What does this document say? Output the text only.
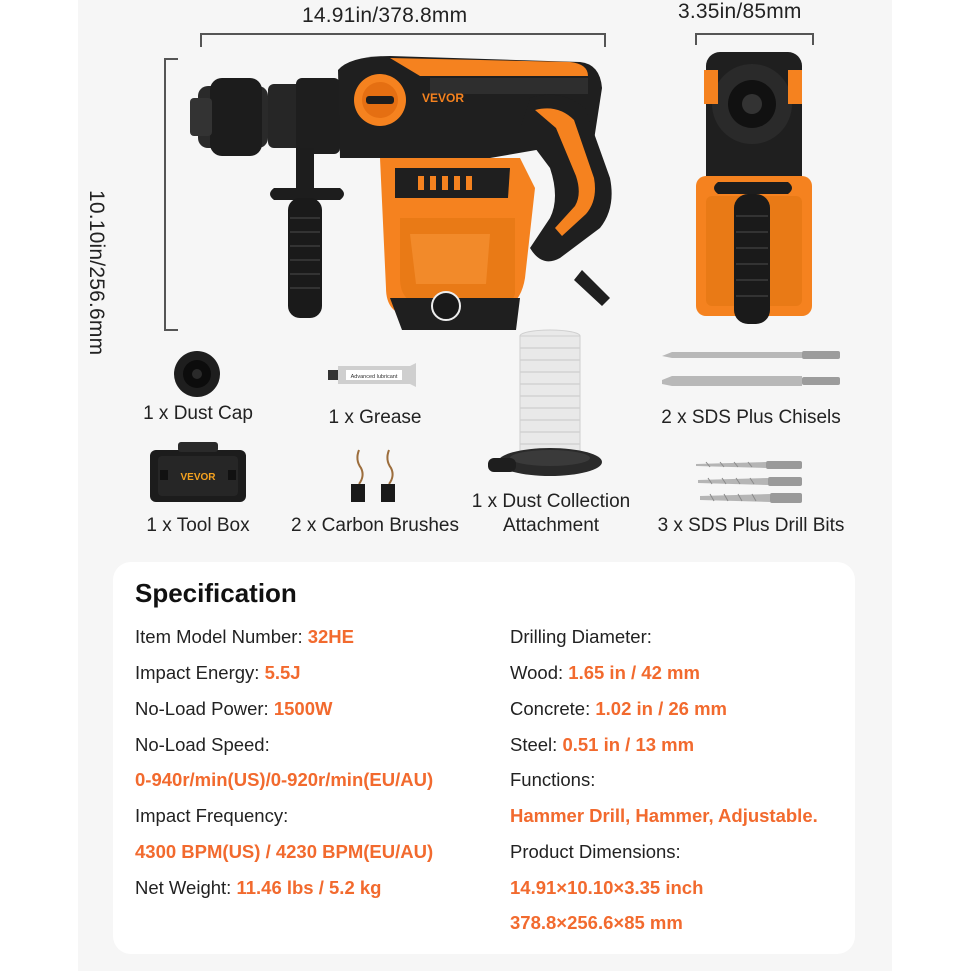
14.91in/378.8mm	3.35in/85mm
10.10in/256.6mm
VEVOR
1 x Dust Cap
Advanced lubricant
1 x Grease	2 x SDS Plus Chisels
1 x Dust Collection
Attachment
VEVOR
1 x Tool Box	2 x Carbon Brushes	3 x SDS Plus Drill Bits
Specification
Item Model Number: 32HE
Impact Energy: 5.5J
No-Load Power: 1500W
No-Load Speed:
0-940r/min(US)/0-920r/min(EU/AU)
Impact Frequency:
4300 BPM(US) / 4230 BPM(EU/AU)
Net Weight: 11.46 lbs / 5.2 kg
Drilling Diameter:
Wood: 1.65 in / 42 mm
Concrete: 1.02 in / 26 mm
Steel: 0.51 in / 13 mm
Functions:
Hammer Drill, Hammer, Adjustable.
Product Dimensions:
14.91×10.10×3.35 inch
378.8×256.6×85 mm
